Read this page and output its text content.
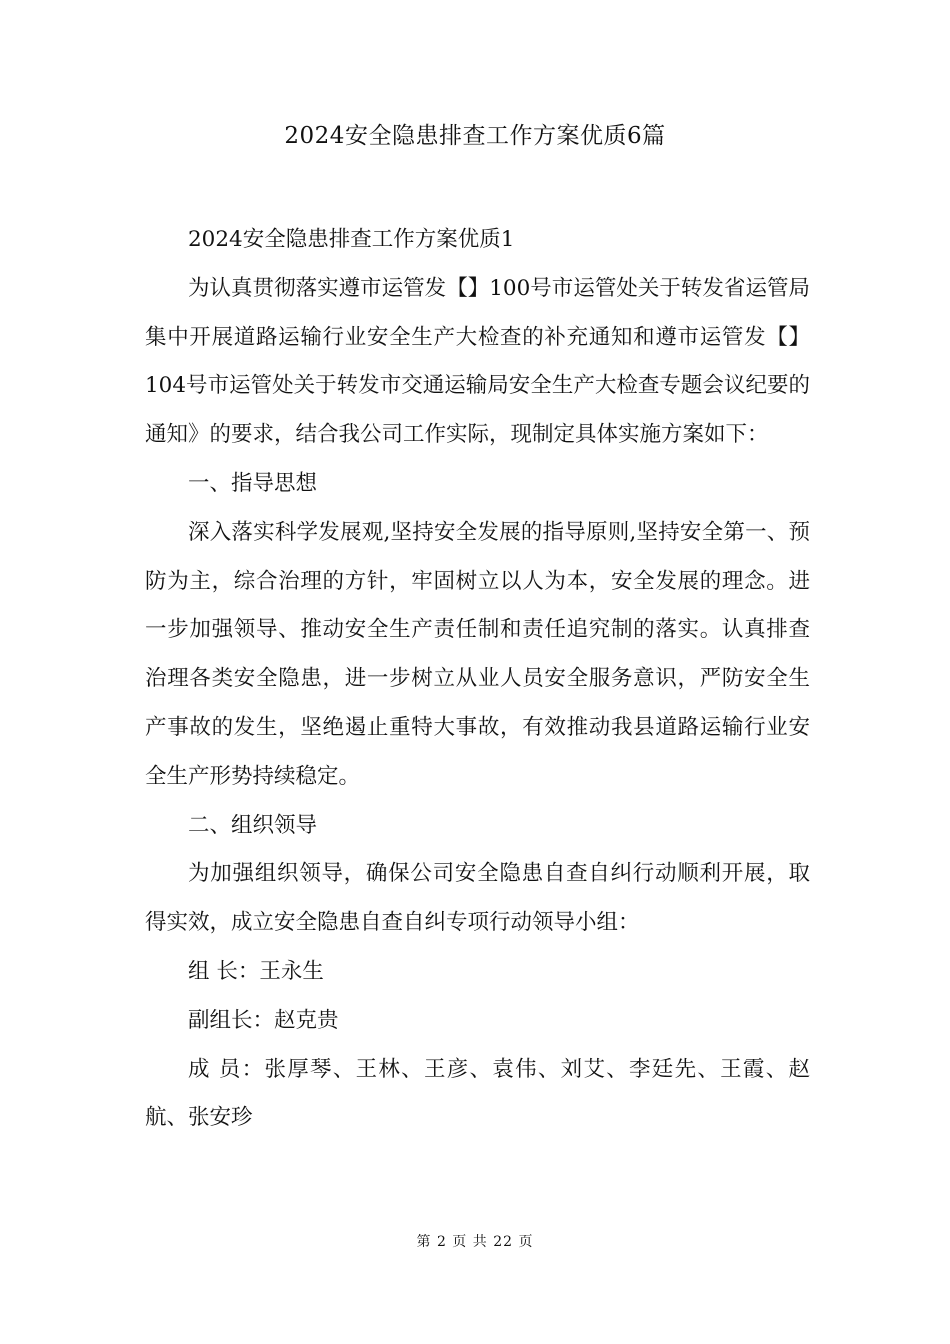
2024安全隐患排查工作方案优质6篇

2024安全隐患排查工作方案优质1

为认真贯彻落实遵市运管发【】100号市运管处关于转发省运管局集中开展道路运输行业安全生产大检查的补充通知和遵市运管发【】104号市运管处关于转发市交通运输局安全生产大检查专题会议纪要的通知》的要求，结合我公司工作实际，现制定具体实施方案如下：

一、指导思想

深入落实科学发展观,坚持安全发展的指导原则,坚持安全第一、预防为主，综合治理的方针，牢固树立以人为本，安全发展的理念。进一步加强领导、推动安全生产责任制和责任追究制的落实。认真排查治理各类安全隐患，进一步树立从业人员安全服务意识，严防安全生产事故的发生，坚绝遏止重特大事故，有效推动我县道路运输行业安全生产形势持续稳定。

二、组织领导

为加强组织领导，确保公司安全隐患自查自纠行动顺利开展，取得实效，成立安全隐患自查自纠专项行动领导小组：

组 长：王永生

副组长：赵克贵

成 员：张厚琴、王林、王彦、袁伟、刘艾、李廷先、王霞、赵航、张安珍

第 2 页 共 22 页
